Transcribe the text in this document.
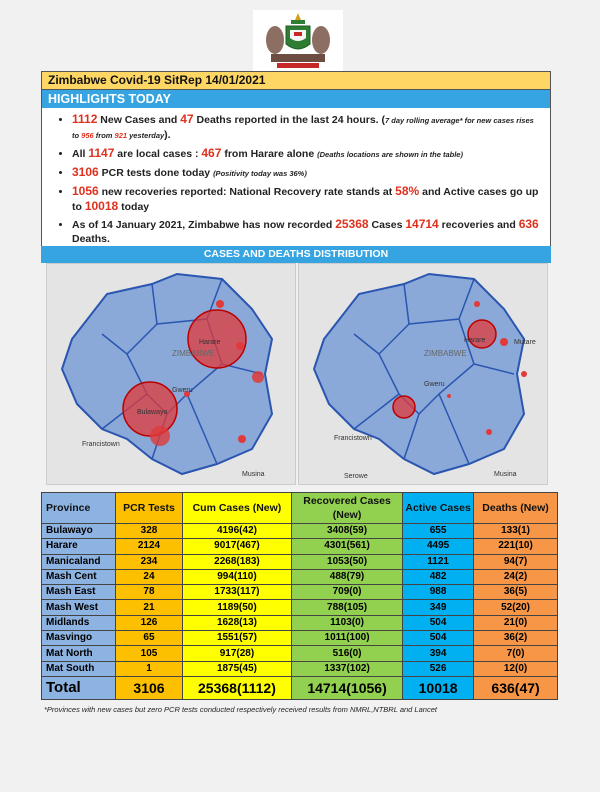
Zimbabwe Covid-19 SitRep 14/01/2021
HIGHLIGHTS TODAY
• 1112 New Cases and 47 Deaths reported in the last 24 hours. (7 day rolling average* for new cases rises to 956 from 921 yesterday).
• All 1147 are local cases : 467 from Harare alone (Deaths locations are shown in the table)
• 3106 PCR tests done today (Positivity today was 36%)
• 1056 new recoveries reported: National Recovery rate stands at 58% and Active cases go up to 10018 today
• As of 14 January 2021, Zimbabwe has now recorded 25368 Cases 14714 recoveries and 636 Deaths.
CASES AND DEATHS DISTRIBUTION
ZIMBABWE
Harare
Bulawayo
Gweru
Francistown
Musina
ZIMBABWE
Harare	Mutare
Gweru
Francistown
Serowe	Musina
Province	PCR Tests	Cum Cases (New)	Recovered Cases (New)	Active Cases	Deaths (New)
Bulawayo	328	4196(42)	3408(59)	655	133(1)
Harare	2124	9017(467)	4301(561)	4495	221(10)
Manicaland	234	2268(183)	1053(50)	1121	94(7)
Mash Cent	24	994(110)	488(79)	482	24(2)
Mash East	78	1733(117)	709(0)	988	36(5)
Mash West	21	1189(50)	788(105)	349	52(20)
Midlands	126	1628(13)	1103(0)	504	21(0)
Masvingo	65	1551(57)	1011(100)	504	36(2)
Mat North	105	917(28)	516(0)	394	7(0)
Mat South	1	1875(45)	1337(102)	526	12(0)
Total	3106	25368(1112)	14714(1056)	10018	636(47)
*Provinces with new cases but zero PCR tests conducted respectively received results from NMRL,NTBRL and Lancet
